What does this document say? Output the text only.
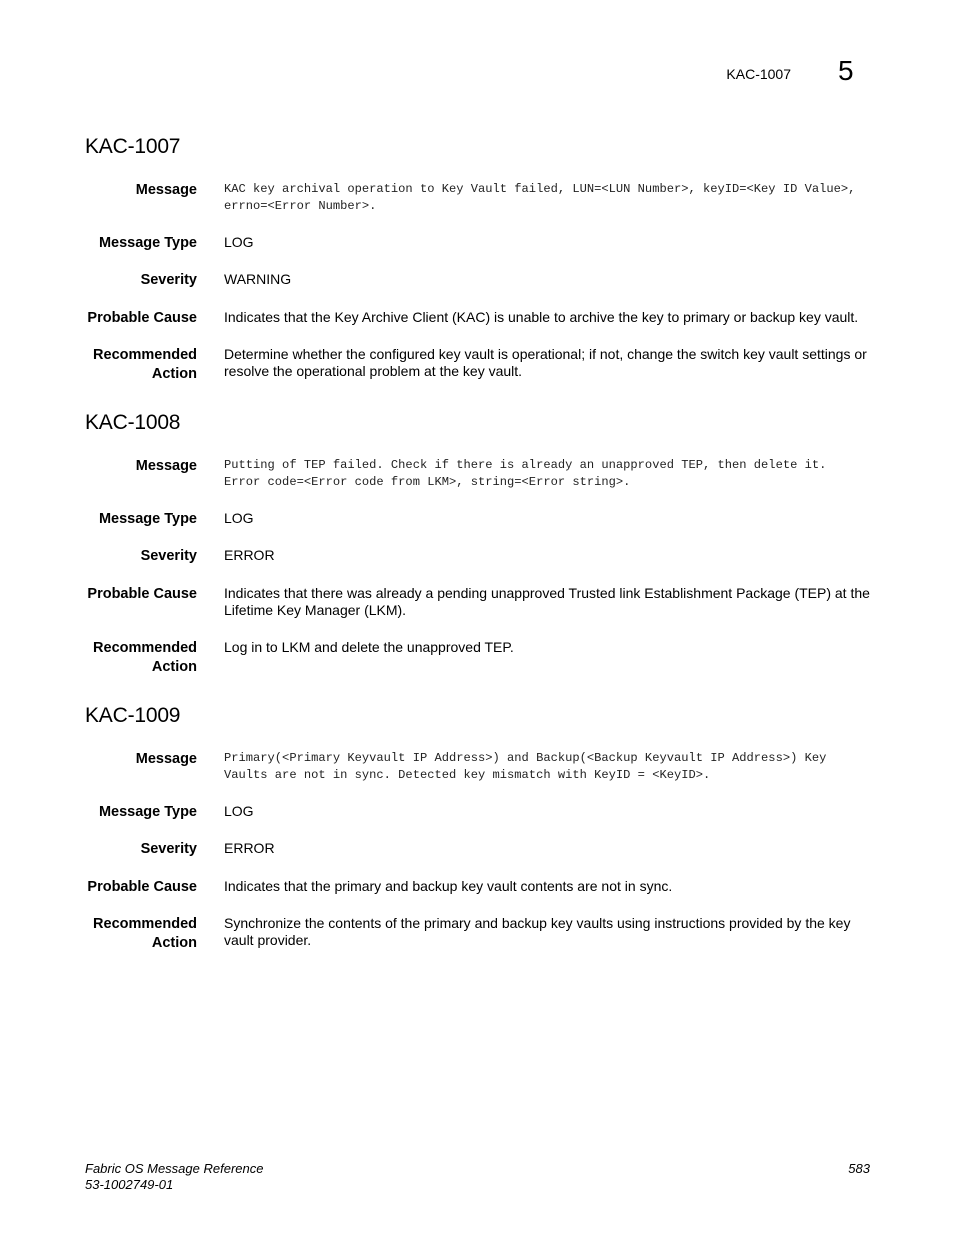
KAC-1007 5
KAC-1007
Message KAC key archival operation to Key Vault failed, LUN=<LUN Number>, keyID=<Key ID Value>, errno=<Error Number>.
Message Type LOG
Severity WARNING
Probable Cause Indicates that the Key Archive Client (KAC) is unable to archive the key to primary or backup key vault.
Recommended
Action
Determine whether the configured key vault is operational; if not, change the switch key vault settings or resolve the operational problem at the key vault.
KAC-1008
Message Putting of TEP failed. Check if there is already an unapproved TEP, then delete it. Error code=<Error code from LKM>, string=<Error string>.
Message Type LOG
Severity ERROR
Probable Cause Indicates that there was already a pending unapproved Trusted link Establishment Package (TEP) at the Lifetime Key Manager (LKM).
Recommended
Action
Log in to LKM and delete the unapproved TEP.
KAC-1009
Message Primary(<Primary Keyvault IP Address>) and Backup(<Backup Keyvault IP Address>) Key Vaults are not in sync. Detected key mismatch with KeyID = <KeyID>.
Message Type LOG
Severity ERROR
Probable Cause Indicates that the primary and backup key vault contents are not in sync.
Recommended
Action
Synchronize the contents of the primary and backup key vaults using instructions provided by the key vault provider.
Fabric OS Message Reference
53-1002749-01
583
